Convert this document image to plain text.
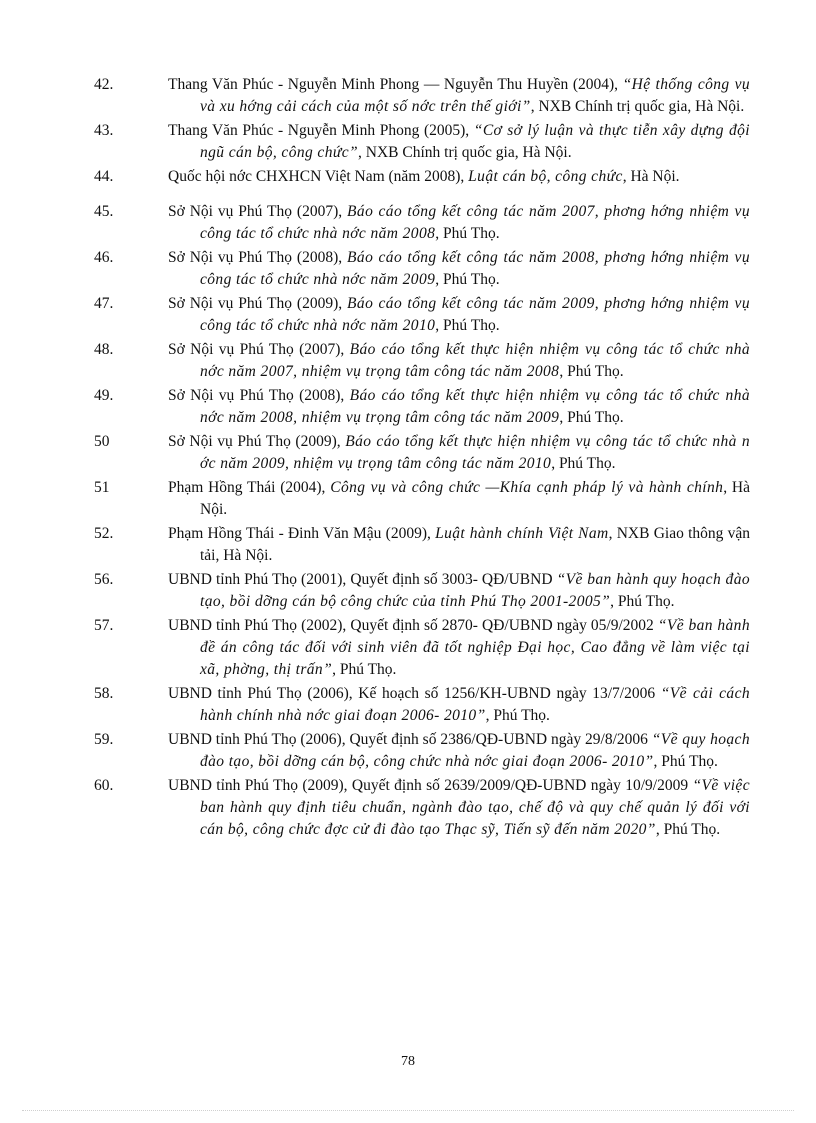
42.	Thang Văn Phúc - Nguyễn Minh Phong — Nguyễn Thu Huyền (2004), “Hệ thống công vụ và xu hớng cải cách của một số nớc trên thế giới”, NXB Chính trị quốc gia, Hà Nội.
43.	Thang Văn Phúc - Nguyễn Minh Phong (2005), “Cơ sở lý luận và thực tiễn xây dựng đội ngũ cán bộ, công chức”, NXB Chính trị quốc gia, Hà Nội.
44.	Quốc hội nớc CHXHCN Việt Nam (năm 2008), Luật cán bộ, công chức, Hà Nội.
45.	Sở Nội vụ Phú Thọ (2007), Báo cáo tổng kết công tác năm 2007, phơng hớng nhiệm vụ công tác tổ chức nhà nớc năm 2008, Phú Thọ.
46.	Sở Nội vụ Phú Thọ (2008), Báo cáo tổng kết công tác năm 2008, phơng hớng nhiệm vụ công tác tổ chức nhà nớc năm 2009, Phú Thọ.
47.	Sở Nội vụ Phú Thọ (2009), Báo cáo tổng kết công tác năm 2009, phơng hớng nhiệm vụ công tác tổ chức nhà nớc năm 2010, Phú Thọ.
48.	Sở Nội vụ Phú Thọ (2007), Báo cáo tổng kết thực hiện nhiệm vụ công tác tổ chức nhà nớc năm 2007, nhiệm vụ trọng tâm công tác năm 2008, Phú Thọ.
49.	Sở Nội vụ Phú Thọ (2008), Báo cáo tổng kết thực hiện nhiệm vụ công tác tổ chức nhà nớc năm 2008, nhiệm vụ trọng tâm công tác năm 2009, Phú Thọ.
50	Sở Nội vụ Phú Thọ (2009), Báo cáo tổng kết thực hiện nhiệm vụ công tác tổ chức nhà n ớc năm 2009, nhiệm vụ trọng tâm công tác năm 2010, Phú Thọ.
51	Phạm Hồng Thái (2004), Công vụ và công chức —Khía cạnh pháp lý và hành chính, Hà Nội.
52.	Phạm Hồng Thái - Đinh Văn Mậu (2009), Luật hành chính Việt Nam, NXB Giao thông vận tải, Hà Nội.
56.	UBND tỉnh Phú Thọ (2001), Quyết định số 3003- QĐ/UBND “Về ban hành quy hoạch đào tạo, bồi dỡng cán bộ công chức của tỉnh Phú Thọ 2001-2005”, Phú Thọ.
57.	UBND tỉnh Phú Thọ (2002), Quyết định số 2870- QĐ/UBND ngày 05/9/2002 “Về ban hành đề án công tác đối với sinh viên đã tốt nghiệp Đại học, Cao đẳng về làm việc tại xã, phờng, thị trấn”, Phú Thọ.
58.	UBND tỉnh Phú Thọ (2006), Kế hoạch số 1256/KH-UBND ngày 13/7/2006 “Về cải cách hành chính nhà nớc giai đoạn 2006- 2010”, Phú Thọ.
59.	UBND tỉnh Phú Thọ (2006), Quyết định số 2386/QĐ-UBND ngày 29/8/2006 “Về quy hoạch đào tạo, bồi dỡng cán bộ, công chức nhà nớc giai đoạn 2006- 2010”, Phú Thọ.
60.	UBND tỉnh Phú Thọ (2009), Quyết định số 2639/2009/QĐ-UBND ngày 10/9/2009 “Về việc ban hành quy định tiêu chuẩn, ngành đào tạo, chế độ và quy chế quản lý đối với cán bộ, công chức đợc cử đi đào tạo Thạc sỹ, Tiến sỹ đến năm 2020”, Phú Thọ.
78
